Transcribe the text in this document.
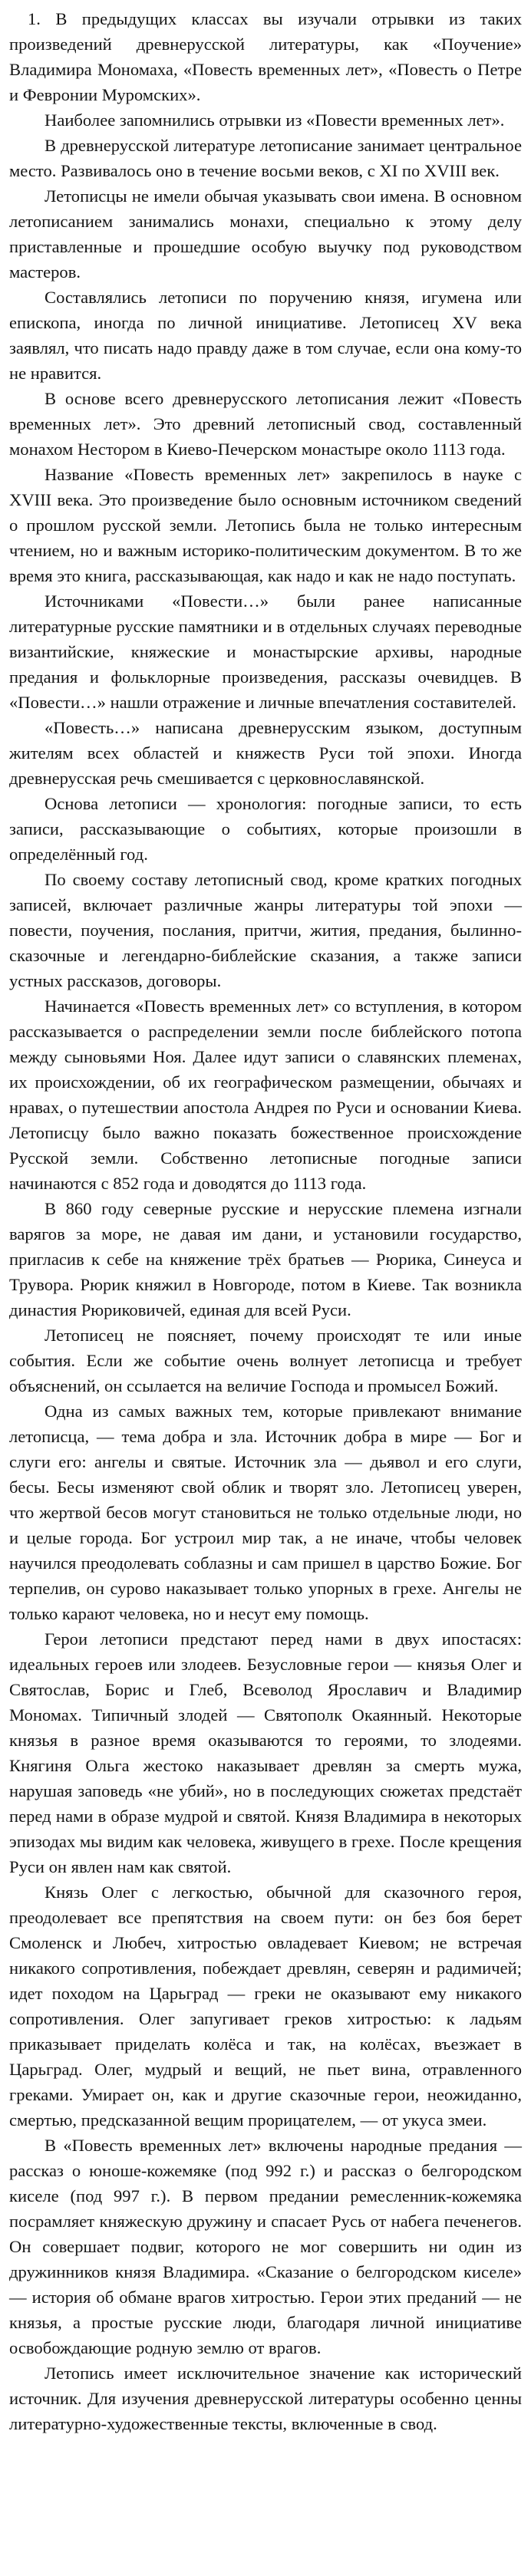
1. В предыдущих классах вы изучали отрывки из таких произведений древнерусской литературы, как «Поучение» Владимира Мономаха, «Повесть временных лет», «Повесть о Петре и Февронии Муромских».

Наиболее запомнились отрывки из «Повести временных лет».

В древнерусской литературе летописание занимает центральное место. Развивалось оно в течение восьми веков, с XI по XVIII век.

Летописцы не имели обычая указывать свои имена. В основном летописанием занимались монахи, специально к этому делу приставленные и прошедшие особую выучку под руководством мастеров.

Составлялись летописи по поручению князя, игумена или епископа, иногда по личной инициативе. Летописец XV века заявлял, что писать надо правду даже в том случае, если она кому-то не нравится.

В основе всего древнерусского летописания лежит «Повесть временных лет». Это древний летописный свод, составленный монахом Нестором в Киево-Печерском монастыре около 1113 года.

Название «Повесть временных лет» закрепилось в науке с XVIII века. Это произведение было основным источником сведений о прошлом русской земли. Летопись была не только интересным чтением, но и важным историко-политическим документом. В то же время это книга, рассказывающая, как надо и как не надо поступать.

Источниками «Повести…» были ранее написанные литературные русские памятники и в отдельных случаях переводные византийские, княжеские и монастырские архивы, народные предания и фольклорные произведения, рассказы очевидцев. В «Повести…» нашли отражение и личные впечатления составителей.

«Повесть…» написана древнерусским языком, доступным жителям всех областей и княжеств Руси той эпохи. Иногда древнерусская речь смешивается с церковнославянской.

Основа летописи — хронология: погодные записи, то есть записи, рассказывающие о событиях, которые произошли в определённый год.

По своему составу летописный свод, кроме кратких погодных записей, включает различные жанры литературы той эпохи — повести, поучения, послания, притчи, жития, предания, былинно-сказочные и легендарно-библейские сказания, а также записи устных рассказов, договоры.

Начинается «Повесть временных лет» со вступления, в котором рассказывается о распределении земли после библейского потопа между сыновьями Ноя. Далее идут записи о славянских племенах, их происхождении, об их географическом размещении, обычаях и нравах, о путешествии апостола Андрея по Руси и основании Киева. Летописцу было важно показать божественное происхождение Русской земли. Собственно летописные погодные записи начинаются с 852 года и доводятся до 1113 года.

В 860 году северные русские и нерусские племена изгнали варягов за море, не давая им дани, и установили государство, пригласив к себе на княжение трёх братьев — Рюрика, Синеуса и Трувора. Рюрик княжил в Новгороде, потом в Киеве. Так возникла династия Рюриковичей, единая для всей Руси.

Летописец не поясняет, почему происходят те или иные события. Если же событие очень волнует летописца и требует объяснений, он ссылается на величие Господа и промысел Божий.

Одна из самых важных тем, которые привлекают внимание летописца, — тема добра и зла. Источник добра в мире — Бог и слуги его: ангелы и святые. Источник зла — дьявол и его слуги, бесы. Бесы изменяют свой облик и творят зло. Летописец уверен, что жертвой бесов могут становиться не только отдельные люди, но и целые города. Бог устроил мир так, а не иначе, чтобы человек научился преодолевать соблазны и сам пришел в царство Божие. Бог терпелив, он сурово наказывает только упорных в грехе. Ангелы не только карают человека, но и несут ему помощь.

Герои летописи предстают перед нами в двух ипостасях: идеальных героев или злодеев. Безусловные герои — князья Олег и Святослав, Борис и Глеб, Всеволод Ярославич и Владимир Мономах. Типичный злодей — Святополк Окаянный. Некоторые князья в разное время оказываются то героями, то злодеями. Княгиня Ольга жестоко наказывает древлян за смерть мужа, нарушая заповедь «не убий», но в последующих сюжетах предстаёт перед нами в образе мудрой и святой. Князя Владимира в некоторых эпизодах мы видим как человека, живущего в грехе. После крещения Руси он явлен нам как святой.

Князь Олег с легкостью, обычной для сказочного героя, преодолевает все препятствия на своем пути: он без боя берет Смоленск и Любеч, хитростью овладевает Киевом; не встречая никакого сопротивления, побеждает древлян, северян и радимичей; идет походом на Царьград — греки не оказывают ему никакого сопротивления. Олег запугивает греков хитростью: к ладьям приказывает приделать колёса и так, на колёсах, въезжает в Царьград. Олег, мудрый и вещий, не пьет вина, отравленного греками. Умирает он, как и другие сказочные герои, неожиданно, смертью, предсказанной вещим прорицателем, — от укуса змеи.

В «Повесть временных лет» включены народные предания — рассказ о юноше-кожемяке (под 992 г.) и рассказ о белгородском киселе (под 997 г.). В первом предании ремесленник-кожемяка посрамляет княжескую дружину и спасает Русь от набега печенегов. Он совершает подвиг, которого не мог совершить ни один из дружинников князя Владимира. «Сказание о белгородском киселе» — история об обмане врагов хитростью. Герои этих преданий — не князья, а простые русские люди, благодаря личной инициативе освобождающие родную землю от врагов.

Летопись имеет исключительное значение как исторический источник. Для изучения древнерусской литературы особенно ценны литературно-художественные тексты, включенные в свод.
